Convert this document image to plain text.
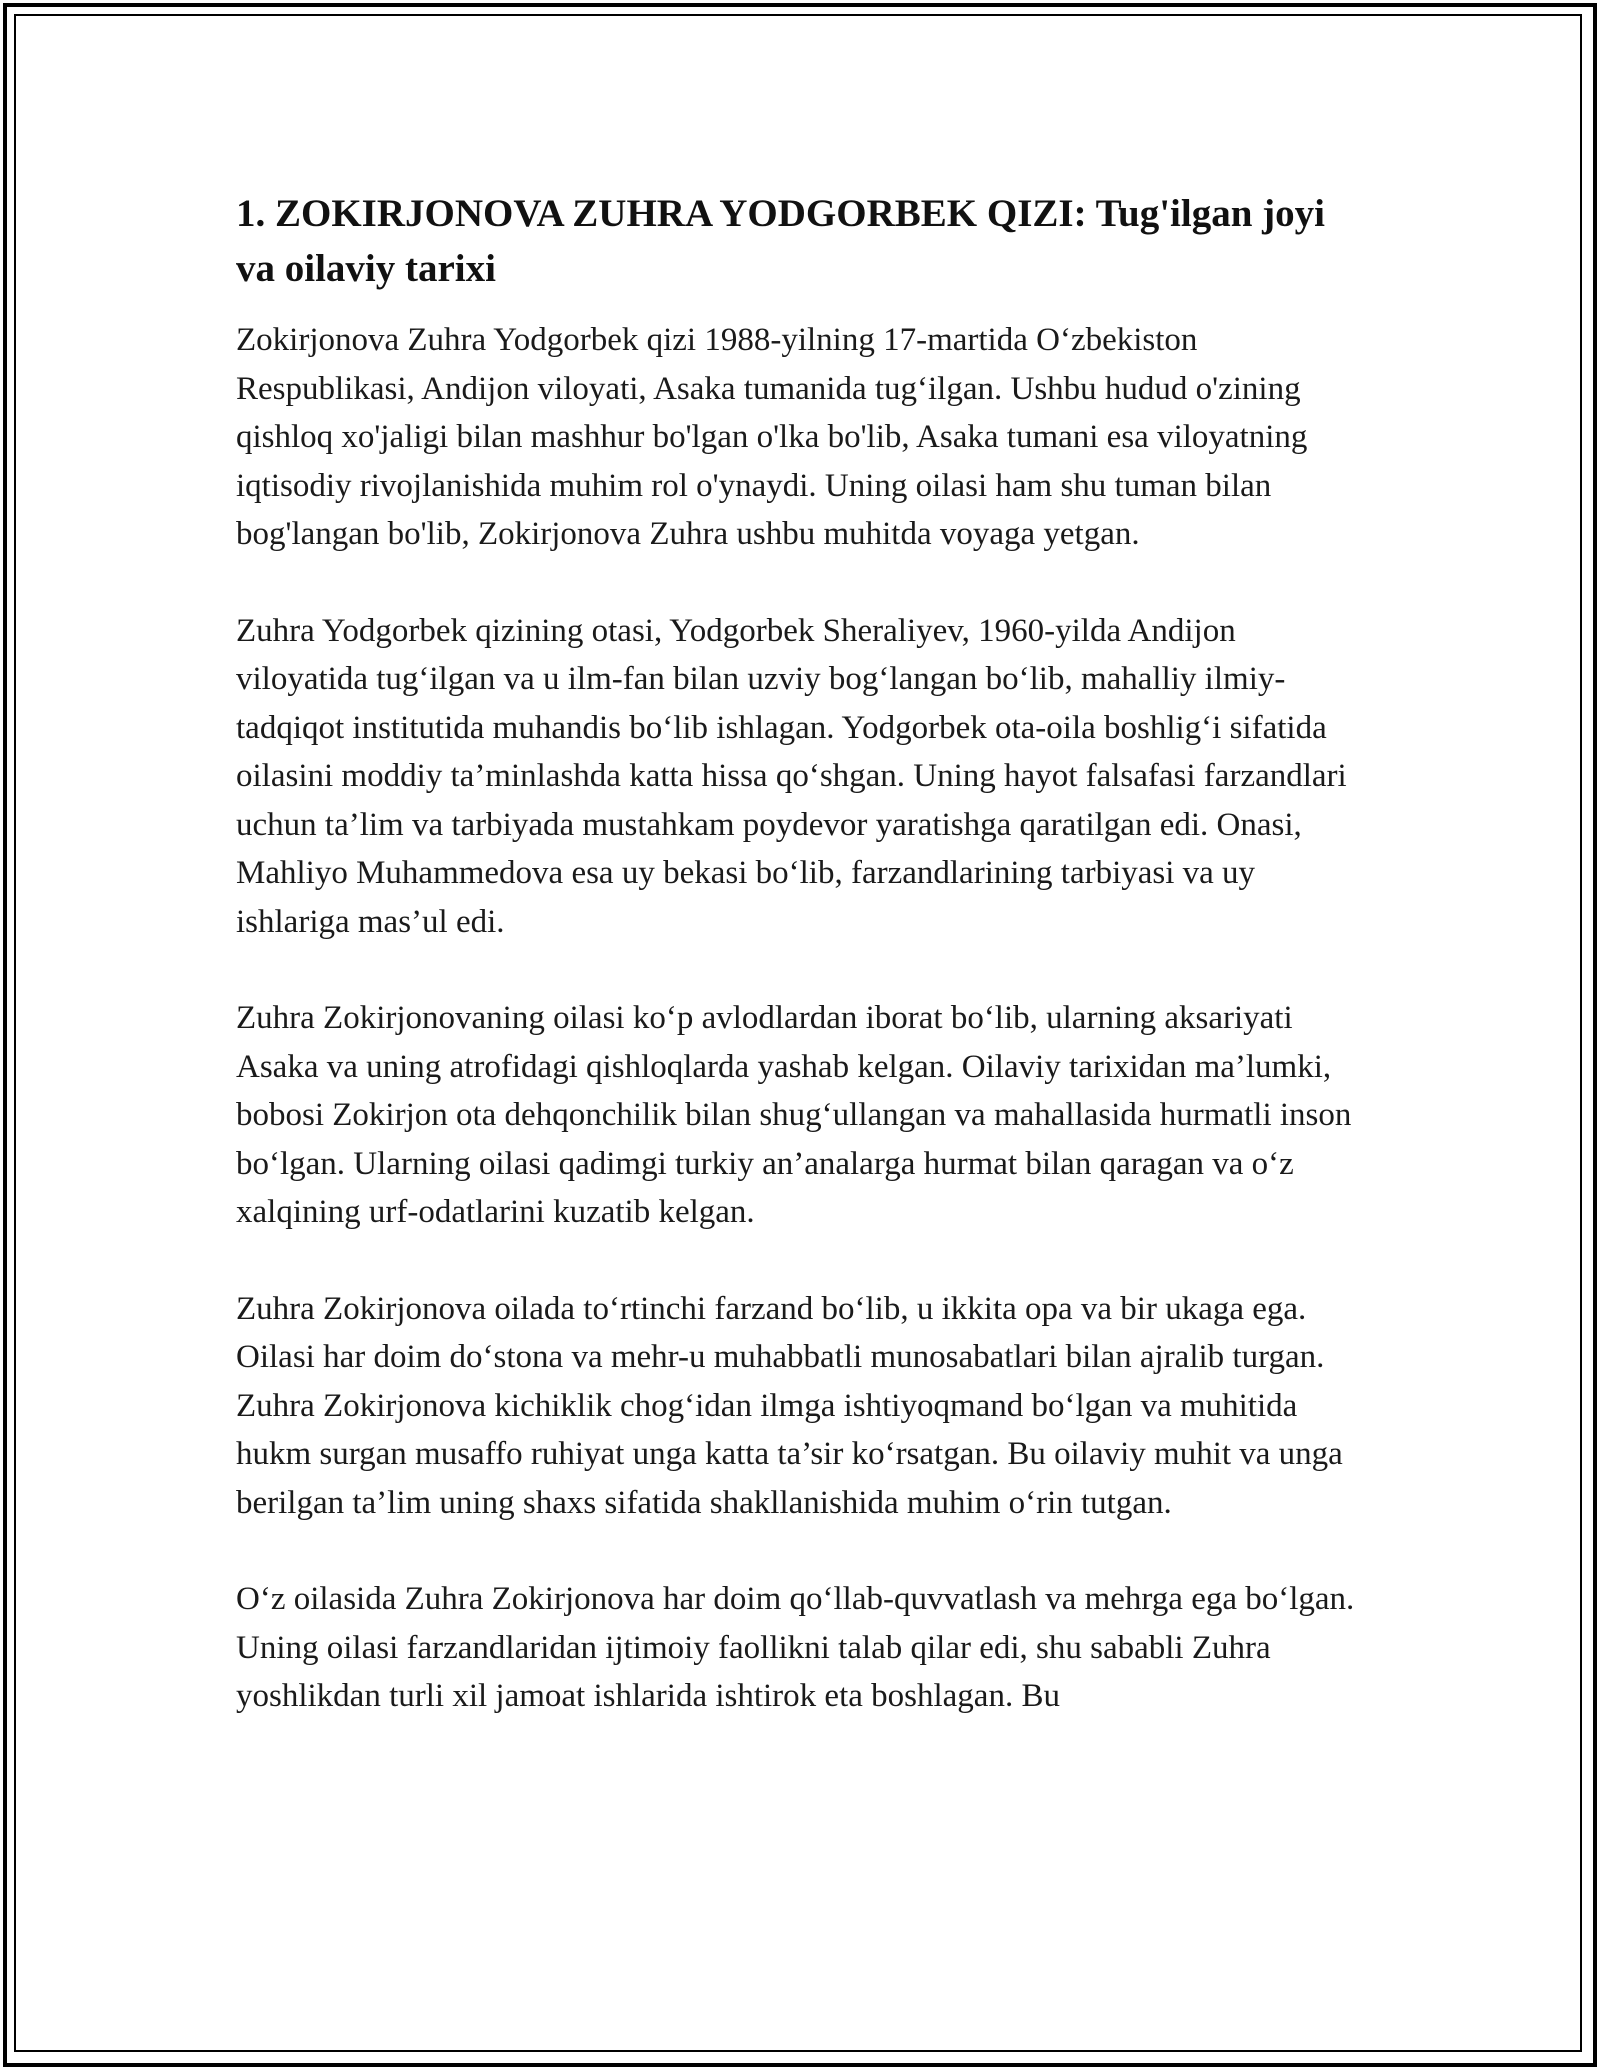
1. ZOKIRJONOVA ZUHRA YODGORBEK QIZI: Tug'ilgan joyi va oilaviy tarixi

Zokirjonova Zuhra Yodgorbek qizi 1988-yilning 17-martida O‘zbekiston Respublikasi, Andijon viloyati, Asaka tumanida tug‘ilgan. Ushbu hudud o'zining qishloq xo'jaligi bilan mashhur bo'lgan o'lka bo'lib, Asaka tumani esa viloyatning iqtisodiy rivojlanishida muhim rol o'ynaydi. Uning oilasi ham shu tuman bilan bog'langan bo'lib, Zokirjonova Zuhra ushbu muhitda voyaga yetgan.

Zuhra Yodgorbek qizining otasi, Yodgorbek Sheraliyev, 1960-yilda Andijon viloyatida tug‘ilgan va u ilm-fan bilan uzviy bog‘langan bo‘lib, mahalliy ilmiy-tadqiqot institutida muhandis bo‘lib ishlagan. Yodgorbek ota-oila boshlig‘i sifatida oilasini moddiy ta’minlashda katta hissa qo‘shgan. Uning hayot falsafasi farzandlari uchun ta’lim va tarbiyada mustahkam poydevor yaratishga qaratilgan edi. Onasi, Mahliyo Muhammedova esa uy bekasi bo‘lib, farzandlarining tarbiyasi va uy ishlariga mas’ul edi.

Zuhra Zokirjonovaning oilasi ko‘p avlodlardan iborat bo‘lib, ularning aksariyati Asaka va uning atrofidagi qishloqlarda yashab kelgan. Oilaviy tarixidan ma’lumki, bobosi Zokirjon ota dehqonchilik bilan shug‘ullangan va mahallasida hurmatli inson bo‘lgan. Ularning oilasi qadimgi turkiy an’analarga hurmat bilan qaragan va o‘z xalqining urf-odatlarini kuzatib kelgan.

Zuhra Zokirjonova oilada to‘rtinchi farzand bo‘lib, u ikkita opa va bir ukaga ega. Oilasi har doim do‘stona va mehr-u muhabbatli munosabatlari bilan ajralib turgan. Zuhra Zokirjonova kichiklik chog‘idan ilmga ishtiyoqmand bo‘lgan va muhitida hukm surgan musaffo ruhiyat unga katta ta’sir ko‘rsatgan. Bu oilaviy muhit va unga berilgan ta’lim uning shaxs sifatida shakllanishida muhim o‘rin tutgan.

O‘z oilasida Zuhra Zokirjonova har doim qo‘llab-quvvatlash va mehrga ega bo‘lgan. Uning oilasi farzandlaridan ijtimoiy faollikni talab qilar edi, shu sababli Zuhra yoshlikdan turli xil jamoat ishlarida ishtirok eta boshlagan. Bu
